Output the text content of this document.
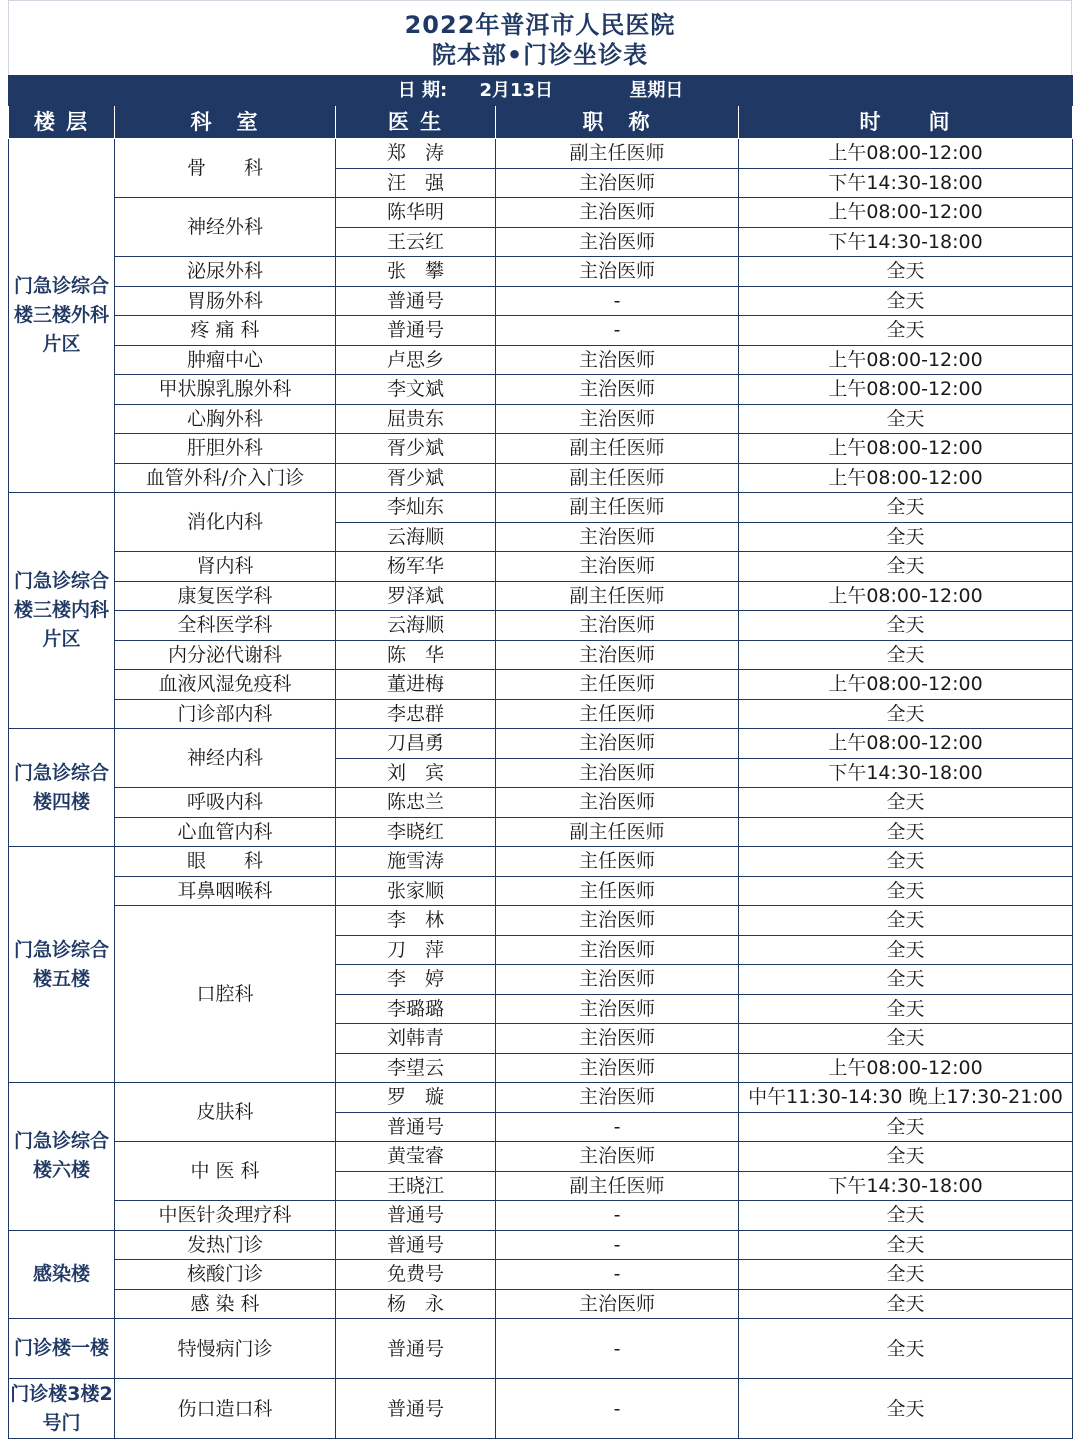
2022年普洱市人民医院
院本部•门诊坐诊表
日 期: 2月13日 星期日				
楼 层	科　室	医 生	职　称	时　　间
门急诊综合楼三楼外科片区	骨　　科	郑　涛	副主任医师	上午08:00-12:00
		汪　强	主治医师	下午14:30-18:00
	神经外科	陈华明	主治医师	上午08:00-12:00
		王云红	主治医师	下午14:30-18:00
	泌尿外科	张　攀	主治医师	全天
	胃肠外科	普通号	-	全天
	疼 痛 科	普通号	-	全天
	肿瘤中心	卢思乡	主治医师	上午08:00-12:00
	甲状腺乳腺外科	李文斌	主治医师	上午08:00-12:00
	心胸外科	屈贵东	主治医师	全天
	肝胆外科	胥少斌	副主任医师	上午08:00-12:00
	血管外科/介入门诊	胥少斌	副主任医师	上午08:00-12:00
门急诊综合楼三楼内科片区	消化内科	李灿东	副主任医师	全天
		云海顺	主治医师	全天
	肾内科	杨军华	主治医师	全天
	康复医学科	罗泽斌	副主任医师	上午08:00-12:00
	全科医学科	云海顺	主治医师	全天
	内分泌代谢科	陈　华	主治医师	全天
	血液风湿免疫科	董进梅	主任医师	上午08:00-12:00
	门诊部内科	李忠群	主任医师	全天
门急诊综合楼四楼	神经内科	刀昌勇	主治医师	上午08:00-12:00
		刘　宾	主治医师	下午14:30-18:00
	呼吸内科	陈忠兰	主治医师	全天
	心血管内科	李晓红	副主任医师	全天
门急诊综合楼五楼	眼　　科	施雪涛	主任医师	全天
	耳鼻咽喉科	张家顺	主任医师	全天
	口腔科	李　林	主治医师	全天
		刀　萍	主治医师	全天
		李　婷	主治医师	全天
		李璐璐	主治医师	全天
		刘韩青	主治医师	全天
		李望云	主治医师	上午08:00-12:00
门急诊综合楼六楼	皮肤科	罗　璇	主治医师	中午11:30-14:30 晚上17:30-21:00
		普通号	-	全天
	中 医 科	黄莹睿	主治医师	全天
		王晓江	副主任医师	下午14:30-18:00
	中医针灸理疗科	普通号	-	全天
感染楼	发热门诊	普通号	-	全天
	核酸门诊	免费号	-	全天
	感 染 科	杨　永	主治医师	全天
门诊楼一楼	特慢病门诊	普通号	-	全天
门诊楼3楼2号门	伤口造口科	普通号	-	全天
